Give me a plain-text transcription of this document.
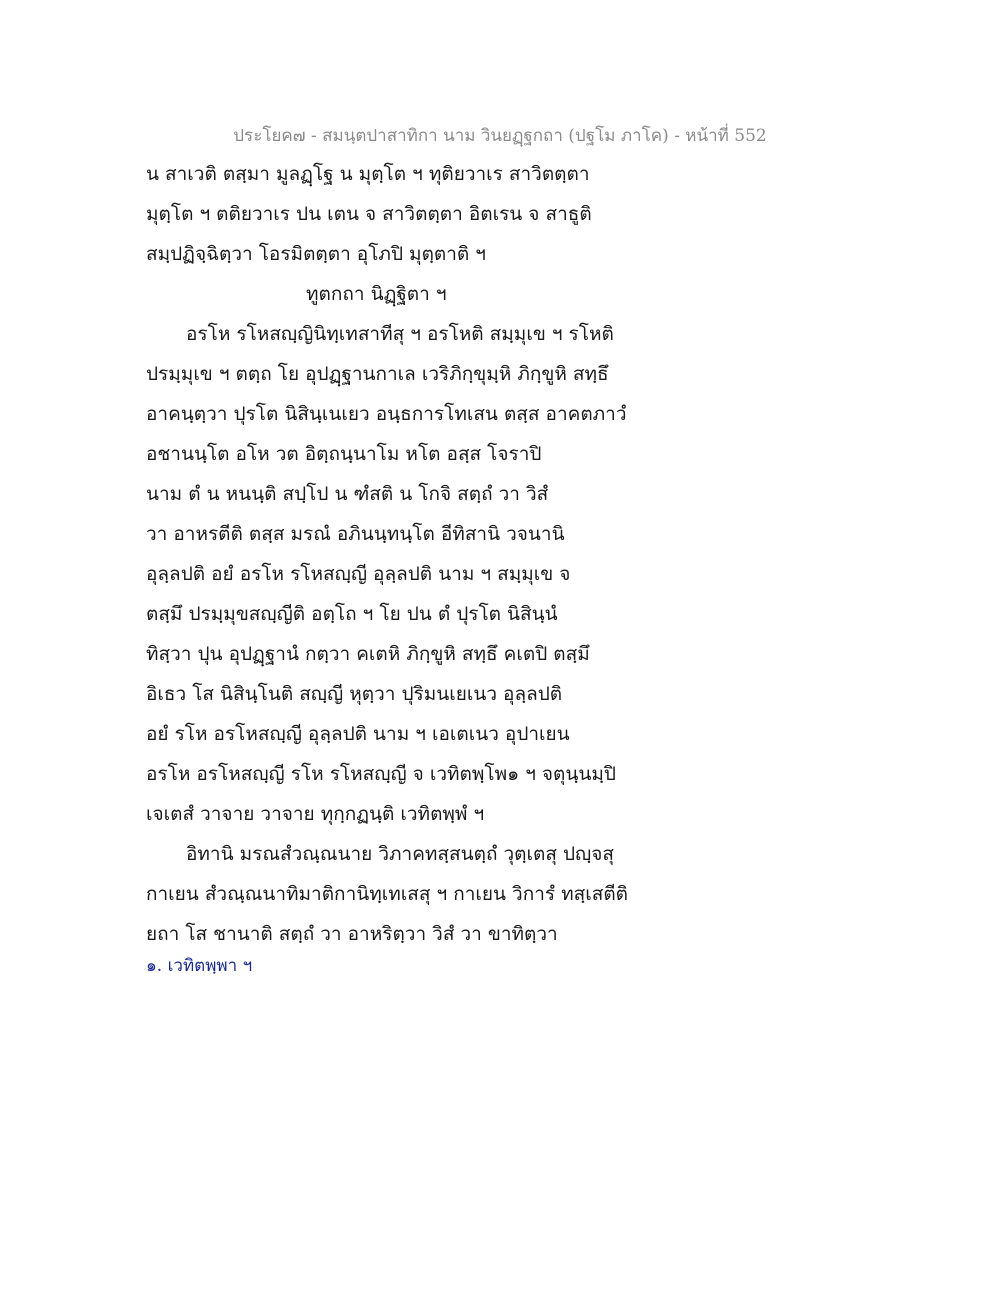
ประโยค๗ - สมนฺตปาสาทิกา นาม วินยฏฺฐกถา (ปฐโม ภาโค) - หน้าที่ 552
น สาเวติ ตสฺมา มูลฏฺโฐ น มุตฺโต ฯ ทุติยวาเร สาวิตตฺตา
มุตฺโต ฯ ตติยวาเร ปน เตน จ สาวิตตฺตา อิตเรน จ สาธูติ
สมฺปฏิจฺฉิตฺวา โอรมิตตฺตา อุโภปิ มุตฺตาติ ฯ
ทูตกถา นิฏฺฐิตา ฯ
อรโห รโหสญฺญินิทฺเทสาทีสุ ฯ อรโหติ สมฺมุเข ฯ รโหติ
ปรมฺมุเข ฯ ตตฺถ โย อุปฏฺฐานกาเล เวริภิกฺขุมฺหิ ภิกฺขูหิ สทฺธึ
อาคนฺตฺวา ปุรโต นิสินฺเนเยว อนฺธการโทเสน ตสฺส อาคตภาวํ
อชานนฺโต อโห วต อิตฺถนฺนาโม หโต อสฺส โจราปิ
นาม ตํ น หนนฺติ สปฺโป น ฑํสติ น โกจิ สตฺถํ วา วิสํ
วา อาหรตีติ ตสฺส มรณํ อภินนฺทนฺโต อีทิสานิ วจนานิ
อุลฺลปติ อยํ อรโห รโหสญฺญี อุลฺลปติ นาม ฯ สมฺมุเข จ
ตสฺมึ ปรมฺมุขสญฺญีติ อตฺโถ ฯ โย ปน ตํ ปุรโต นิสินฺนํ
ทิสฺวา ปุน อุปฏฺฐานํ กตฺวา คเตหิ ภิกฺขูหิ สทฺธึ คเตปิ ตสฺมึ
อิเธว โส นิสินฺโนติ สญฺญี หุตฺวา ปุริมนเยเนว อุลฺลปติ
อยํ รโห อรโหสญฺญี อุลฺลปติ นาม ฯ เอเตเนว อุปาเยน
อรโห อรโหสญฺญี รโห รโหสญฺญี จ เวทิตพฺโพ๑ ฯ จตุนฺนมฺปิ
เจเตสํ วาจาย วาจาย ทุกฺกฏนฺติ เวทิตพฺพํ ฯ
อิทานิ มรณสํวณฺณนาย วิภาคทสฺสนตฺถํ วุตฺเตสุ ปญฺจสุ
กาเยน สํวณฺณนาทิมาติกานิทฺเทเสสุ ฯ กาเยน วิการํ ทสฺเสตีติ
ยถา โส ชานาติ สตฺถํ วา อาหริตฺวา วิสํ วา ขาทิตฺวา
๑. เวทิตพฺพา ฯ
